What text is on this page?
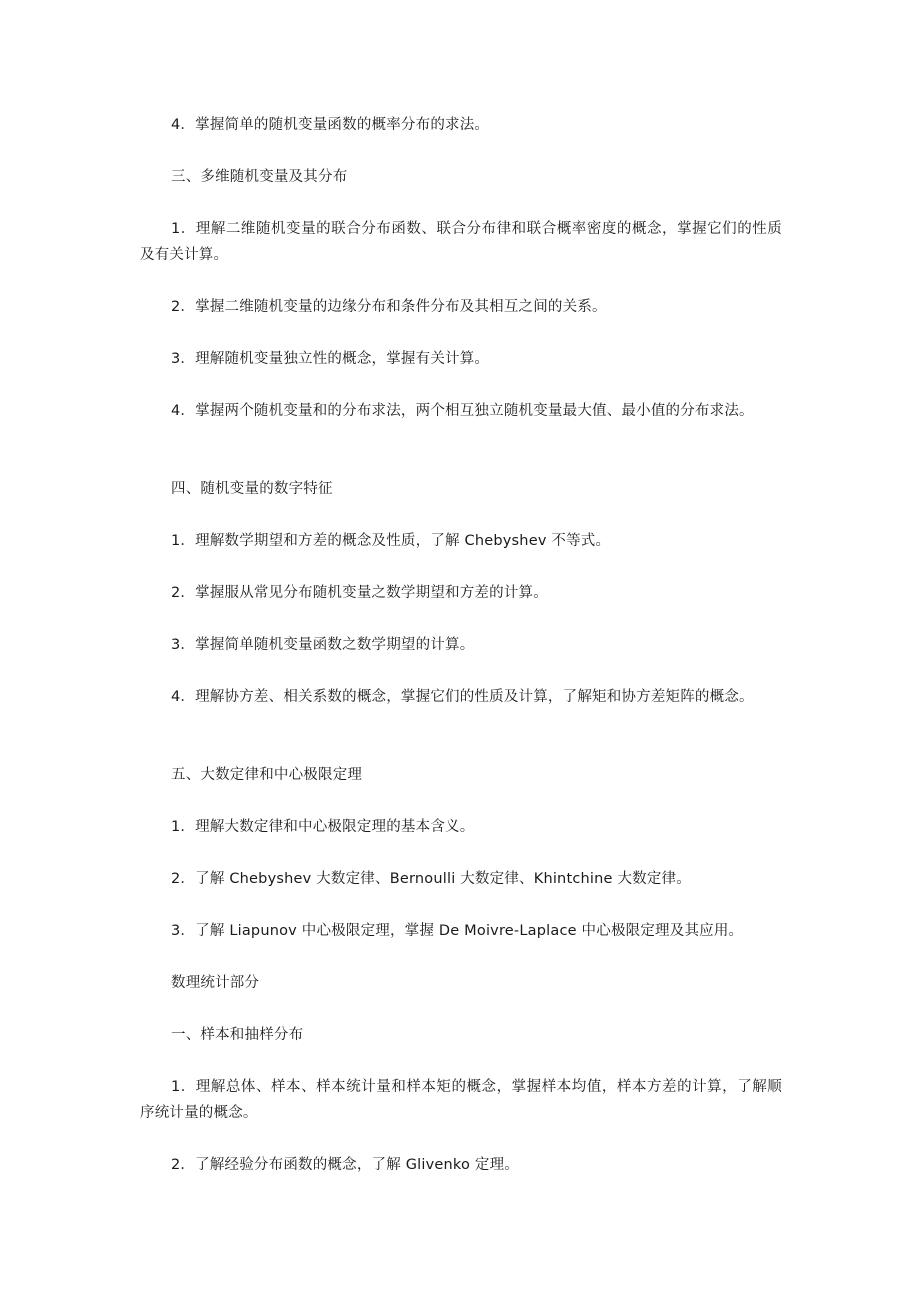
4．掌握简单的随机变量函数的概率分布的求法。

三、多维随机变量及其分布

1．理解二维随机变量的联合分布函数、联合分布律和联合概率密度的概念，掌握它们的性质及有关计算。

2．掌握二维随机变量的边缘分布和条件分布及其相互之间的关系。

3．理解随机变量独立性的概念，掌握有关计算。

4．掌握两个随机变量和的分布求法，两个相互独立随机变量最大值、最小值的分布求法。

四、随机变量的数字特征

1．理解数学期望和方差的概念及性质，了解 Chebyshev 不等式。

2．掌握服从常见分布随机变量之数学期望和方差的计算。

3．掌握简单随机变量函数之数学期望的计算。

4．理解协方差、相关系数的概念，掌握它们的性质及计算，了解矩和协方差矩阵的概念。

五、大数定律和中心极限定理

1．理解大数定律和中心极限定理的基本含义。

2．了解 Chebyshev 大数定律、Bernoulli 大数定律、Khintchine 大数定律。

3．了解 Liapunov 中心极限定理，掌握 De Moivre-Laplace 中心极限定理及其应用。

数理统计部分

一、样本和抽样分布

1．理解总体、样本、样本统计量和样本矩的概念，掌握样本均值，样本方差的计算，了解顺序统计量的概念。

2．了解经验分布函数的概念，了解 Glivenko 定理。
